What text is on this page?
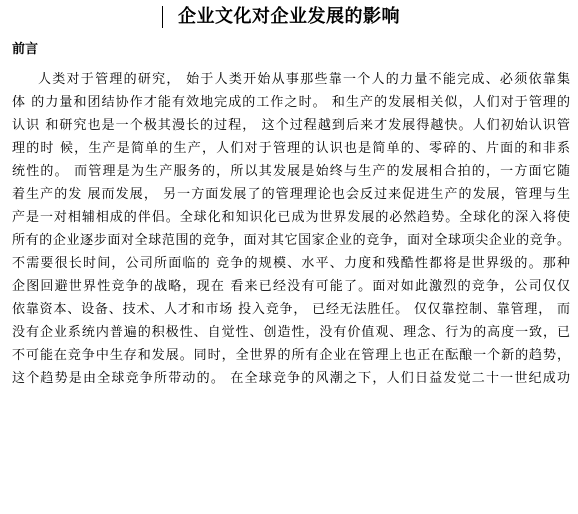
企业文化对企业发展的影响
前言
人类对于管理的研究， 始于人类开始从事那些靠一个人的力量不能完成、必须依靠集
体 的力量和团结协作才能有效地完成的工作之时。 和生产的发展相关似，人们对于管理的
认识 和研究也是一个极其漫长的过程， 这个过程越到后来才发展得越快。人们初始认识管
理的时 候，生产是简单的生产，人们对于管理的认识也是简单的、零碎的、片面的和非系
统性的。 而管理是为生产服务的，所以其发展是始终与生产的发展相合拍的，一方面它随
着生产的发 展而发展， 另一方面发展了的管理理论也会反过来促进生产的发展，管理与生
产是一对相辅相成的伴侣。全球化和知识化已成为世界发展的必然趋势。全球化的深入将使
所有的企业逐步面对全球范围的竞争，面对其它国家企业的竞争，面对全球项尖企业的竞争。
不需要很长时间，公司所面临的 竞争的规模、水平、力度和残酷性都将是世界级的。那种
企图回避世界性竞争的战略，现在 看来已经没有可能了。面对如此激烈的竞争，公司仅仅
依靠资本、设备、技术、人才和市场 投入竞争， 已经无法胜任。 仅仅靠控制、靠管理， 而
没有企业系统内普遍的积极性、自觉性、创造性，没有价值观、理念、行为的高度一致，已
不可能在竞争中生存和发展。同时，全世界的所有企业在管理上也正在酝酿一个新的趋势，
这个趋势是由全球竞争所带动的。 在全球竞争的风潮之下，人们日益发觉二十一世纪成功
